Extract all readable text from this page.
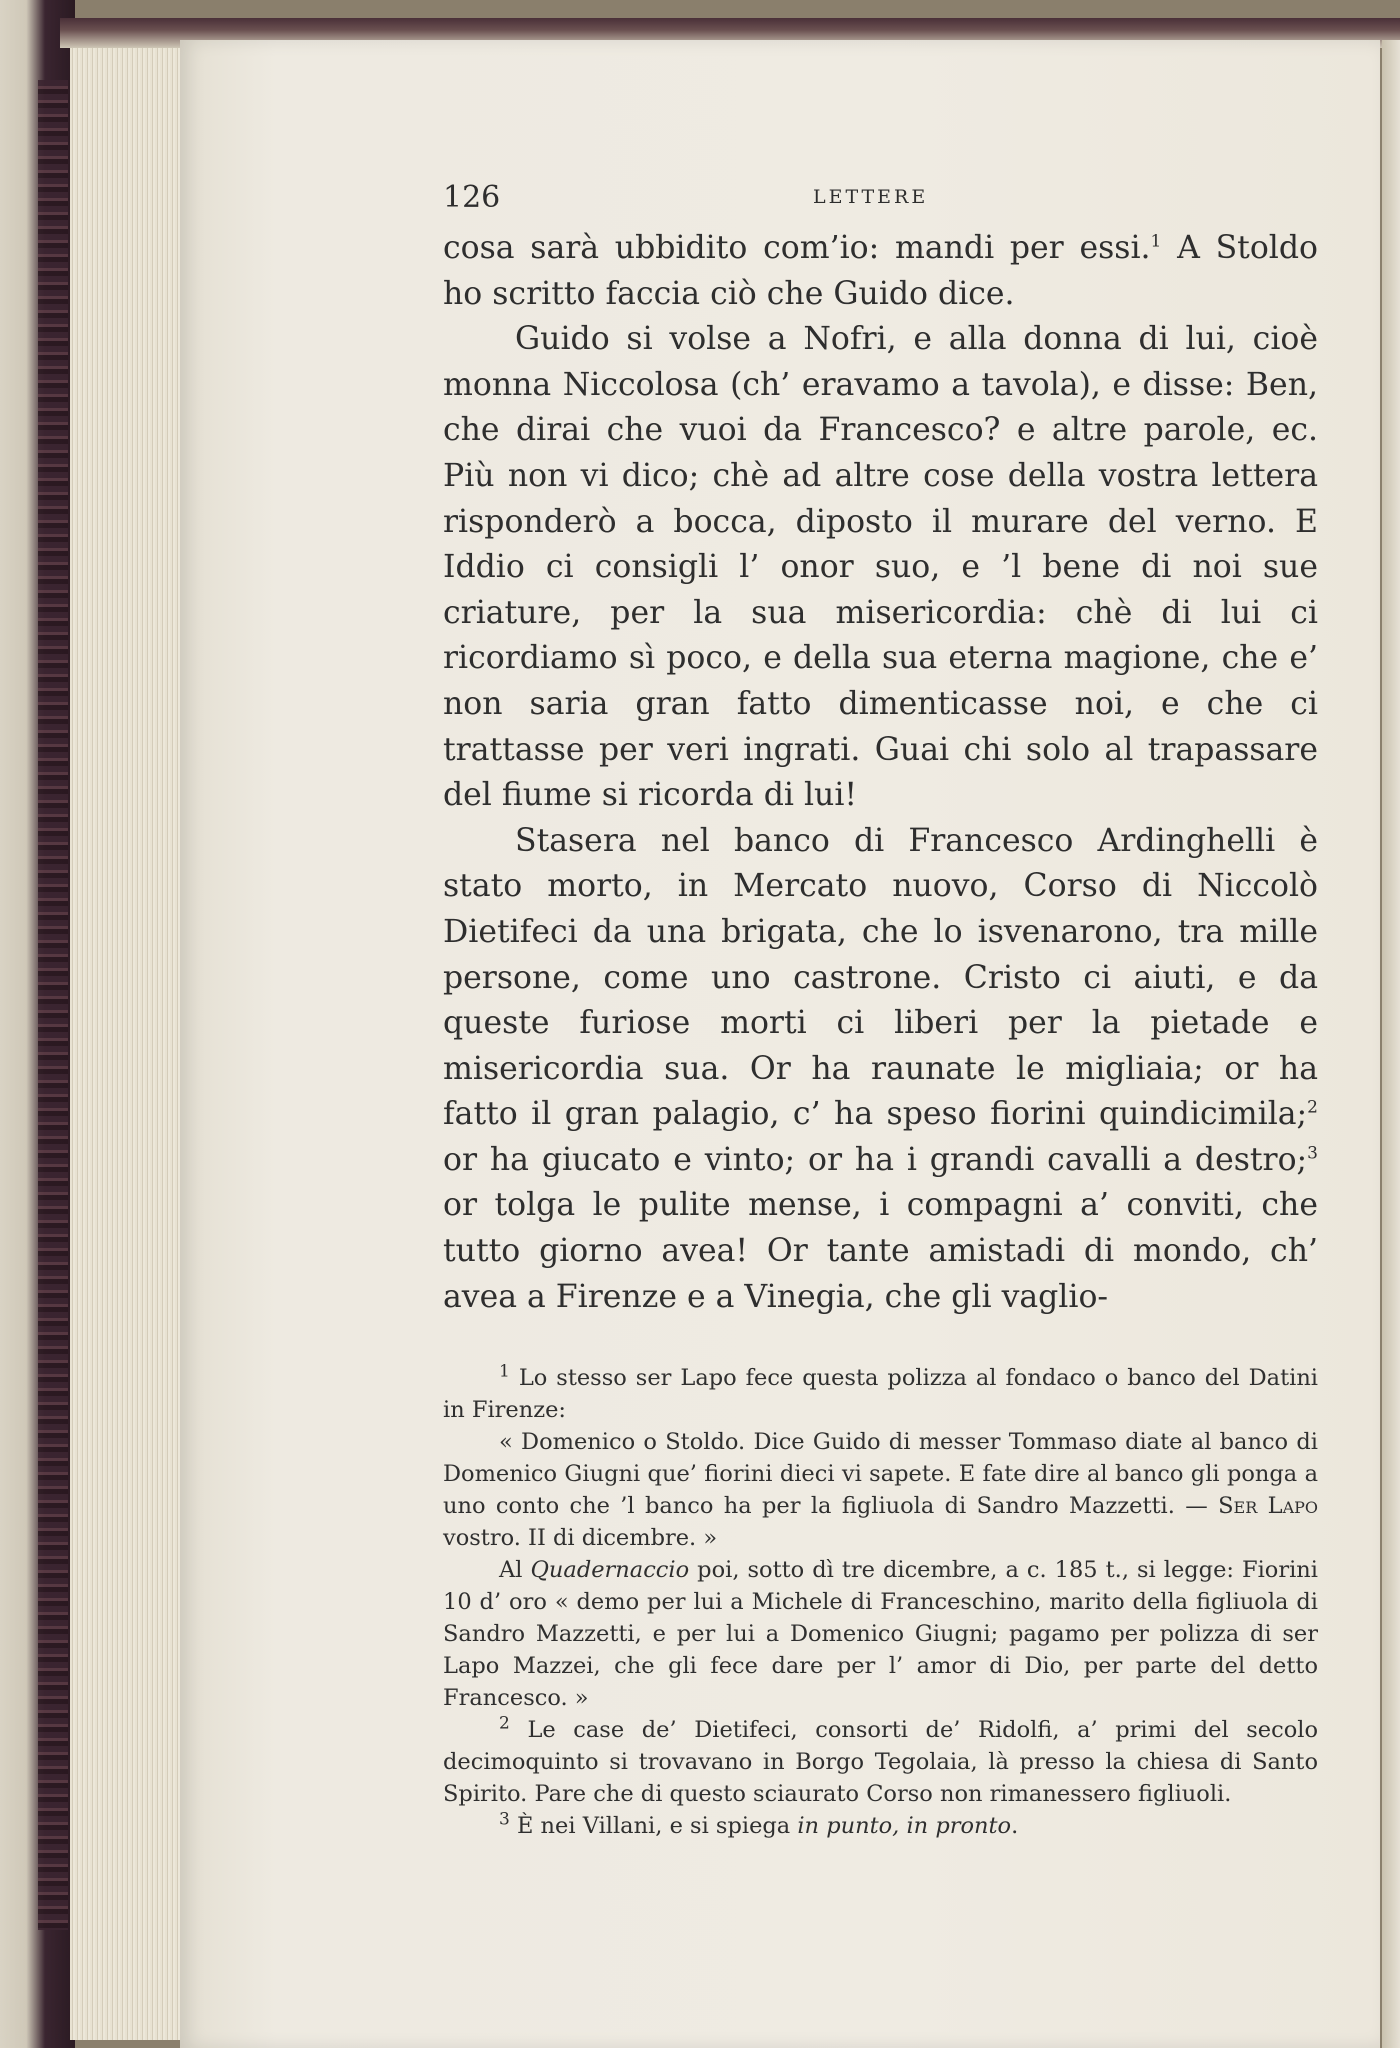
126	LETTERE

cosa sarà ubbidito com’io: mandi per essi.$^1$ A Stoldo ho scritto faccia ciò che Guido dice.

Guido si volse a Nofri, e alla donna di lui, cioè monna Niccolosa (ch’ eravamo a tavola), e disse: Ben, che dirai che vuoi da Francesco? e altre parole, ec. Più non vi dico; chè ad altre cose della vostra lettera risponderò a bocca, diposto il murare del verno. E Iddio ci consigli l’ onor suo, e ’l bene di noi sue criature, per la sua misericordia: chè di lui ci ricordiamo sì poco, e della sua eterna magione, che e’ non saria gran fatto dimenticasse noi, e che ci trattasse per veri ingrati. Guai chi solo al trapassare del fiume si ricorda di lui!

Stasera nel banco di Francesco Ardinghelli è stato morto, in Mercato nuovo, Corso di Niccolò Dietifeci da una brigata, che lo isvenarono, tra mille persone, come uno castrone. Cristo ci aiuti, e da queste furiose morti ci liberi per la pietade e misericordia sua. Or ha raunate le migliaia; or ha fatto il gran palagio, c’ ha speso fiorini quindicimila;$^2$ or ha giucato e vinto; or ha i grandi cavalli a destro;$^3$ or tolga le pulite mense, i compagni a’ conviti, che tutto giorno avea! Or tante amistadi di mondo, ch’ avea a Firenze e a Vinegia, che gli vaglio-

$^1$ Lo stesso ser Lapo fece questa polizza al fondaco o banco del Datini in Firenze:

« Domenico o Stoldo. Dice Guido di messer Tommaso diate al banco di Domenico Giugni que’ fiorini dieci vi sapete. E fate dire al banco gli ponga a uno conto che ’l banco ha per la figliuola di Sandro Mazzetti. — Ser Lapo vostro. II di dicembre. »

Al Quadernaccio poi, sotto dì tre dicembre, a c. 185 t., si legge: Fiorini 10 d’ oro « demo per lui a Michele di Franceschino, marito della figliuola di Sandro Mazzetti, e per lui a Domenico Giugni; pagamo per polizza di ser Lapo Mazzei, che gli fece dare per l’ amor di Dio, per parte del detto Francesco. »

$^2$ Le case de’ Dietifeci, consorti de’ Ridolfi, a’ primi del secolo decimoquinto si trovavano in Borgo Tegolaia, là presso la chiesa di Santo Spirito. Pare che di questo sciaurato Corso non rimanessero figliuoli.

$^3$ È nei Villani, e si spiega in punto, in pronto.
